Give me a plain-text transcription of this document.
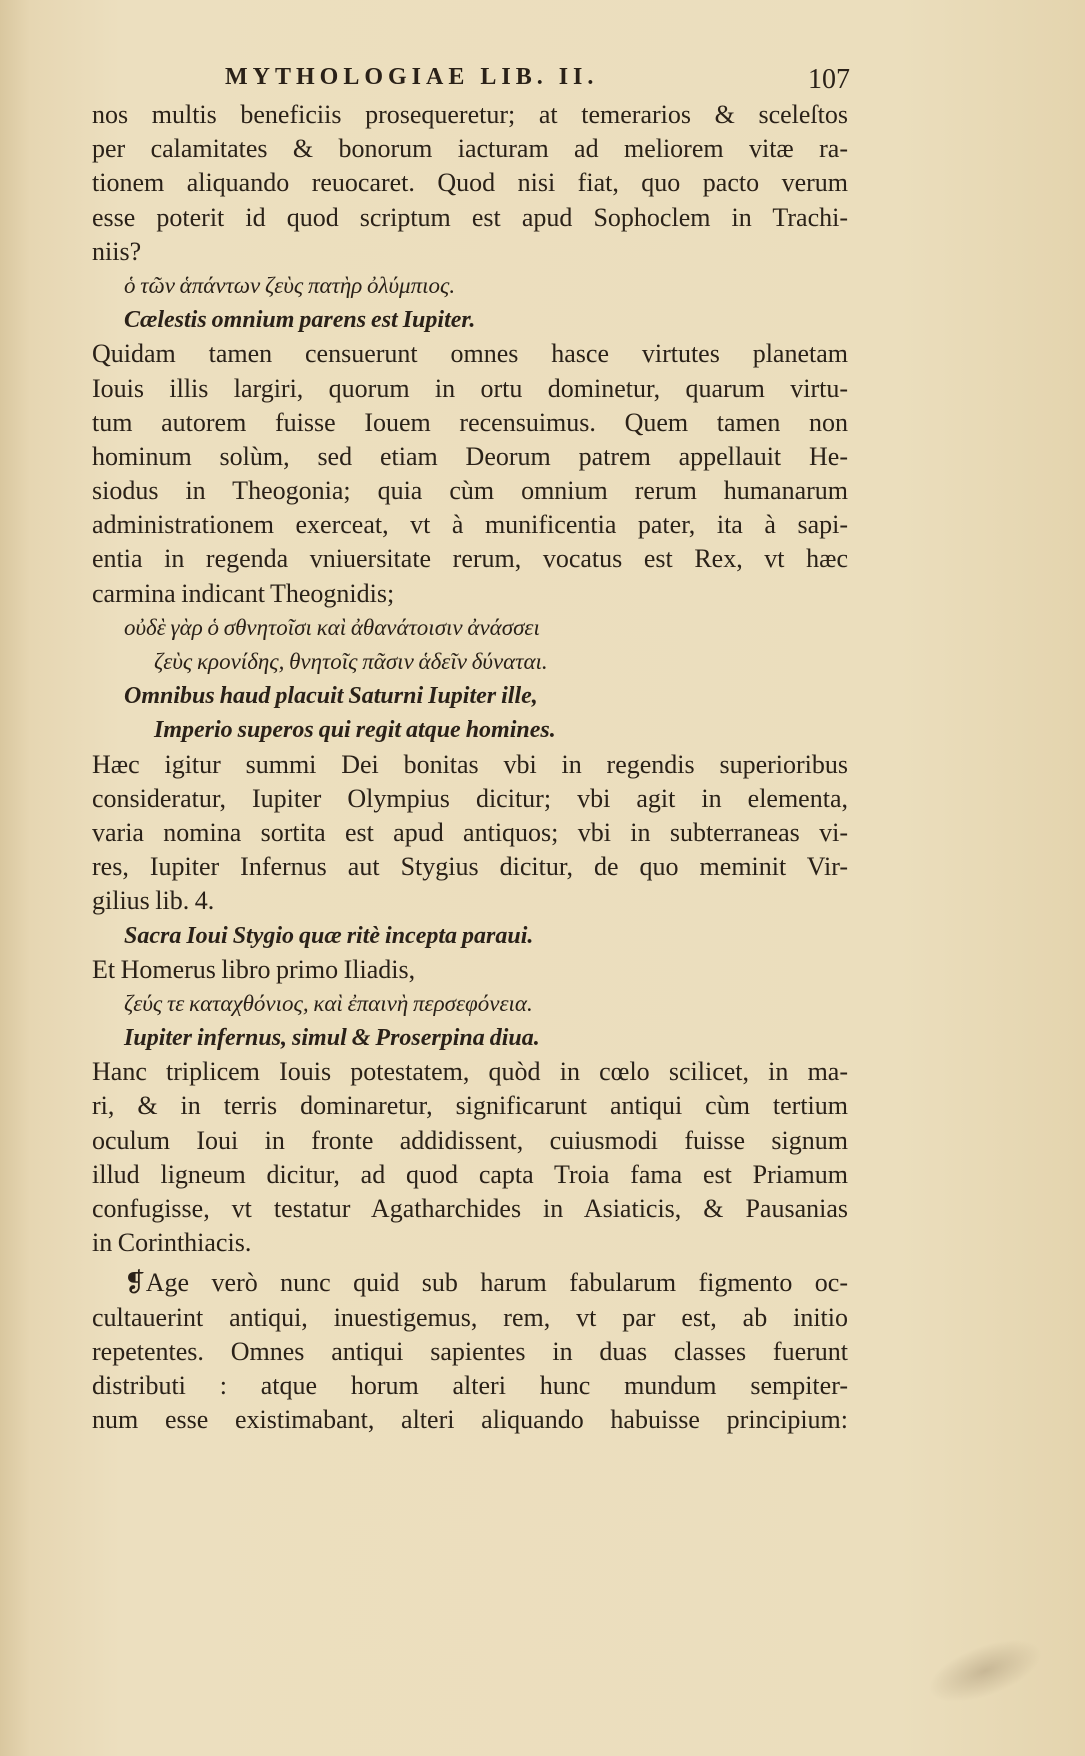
MYTHOLOGIAE LIB. II.	107
nos multis beneficiis prosequeretur; at temerarios & sceleſtos
per calamitates & bonorum iacturam ad meliorem vitæ ra-
tionem aliquando reuocaret. Quod nisi fiat, quo pacto verum
esse poterit id quod scriptum est apud Sophoclem in Trachi-
niis?
ὁ τῶν ἁπάντων ζεὺς πατὴρ ὀλύμπιος.
Cælestis omnium parens est Iupiter.
Quidam tamen censuerunt omnes hasce virtutes planetam
Iouis illis largiri, quorum in ortu dominetur, quarum virtu-
tum autorem fuisse Iouem recensuimus. Quem tamen non
hominum solùm, sed etiam Deorum patrem appellauit He-
siodus in Theogonia; quia cùm omnium rerum humanarum
administrationem exerceat, vt à munificentia pater, ita à sapi-
entia in regenda vniuersitate rerum, vocatus est Rex, vt hæc
carmina indicant Theognidis;
οὐδὲ γὰρ ὁ σθνητοῖσι καὶ ἀθανάτοισιν ἀνάσσει
ζεὺς κρονίδης, θνητοῖς πᾶσιν ἁδεῖν δύναται.
Omnibus haud placuit Saturni Iupiter ille,
Imperio superos qui regit atque homines.
Hæc igitur summi Dei bonitas vbi in regendis superioribus
consideratur, Iupiter Olympius dicitur; vbi agit in elementa,
varia nomina sortita est apud antiquos; vbi in subterraneas vi-
res, Iupiter Infernus aut Stygius dicitur, de quo meminit Vir-
gilius lib. 4.
Sacra Ioui Stygio quæ ritè incepta paraui.
Et Homerus libro primo Iliadis,
ζεύς τε καταχθόνιος, καὶ ἐπαινὴ περσεφόνεια.
Iupiter infernus, simul & Proserpina diua.
Hanc triplicem Iouis potestatem, quòd in cœlo scilicet, in ma-
ri, & in terris dominaretur, significarunt antiqui cùm tertium
oculum Ioui in fronte addidissent, cuiusmodi fuisse signum
illud ligneum dicitur, ad quod capta Troia fama est Priamum
confugisse, vt testatur Agatharchides in Asiaticis, & Pausanias
in Corinthiacis.
❡Age verò nunc quid sub harum fabularum figmento oc-
cultauerint antiqui, inuestigemus, rem, vt par est, ab initio
repetentes. Omnes antiqui sapientes in duas classes fuerunt
distributi : atque horum alteri hunc mundum sempiter-
num esse existimabant, alteri aliquando habuisse principium:
